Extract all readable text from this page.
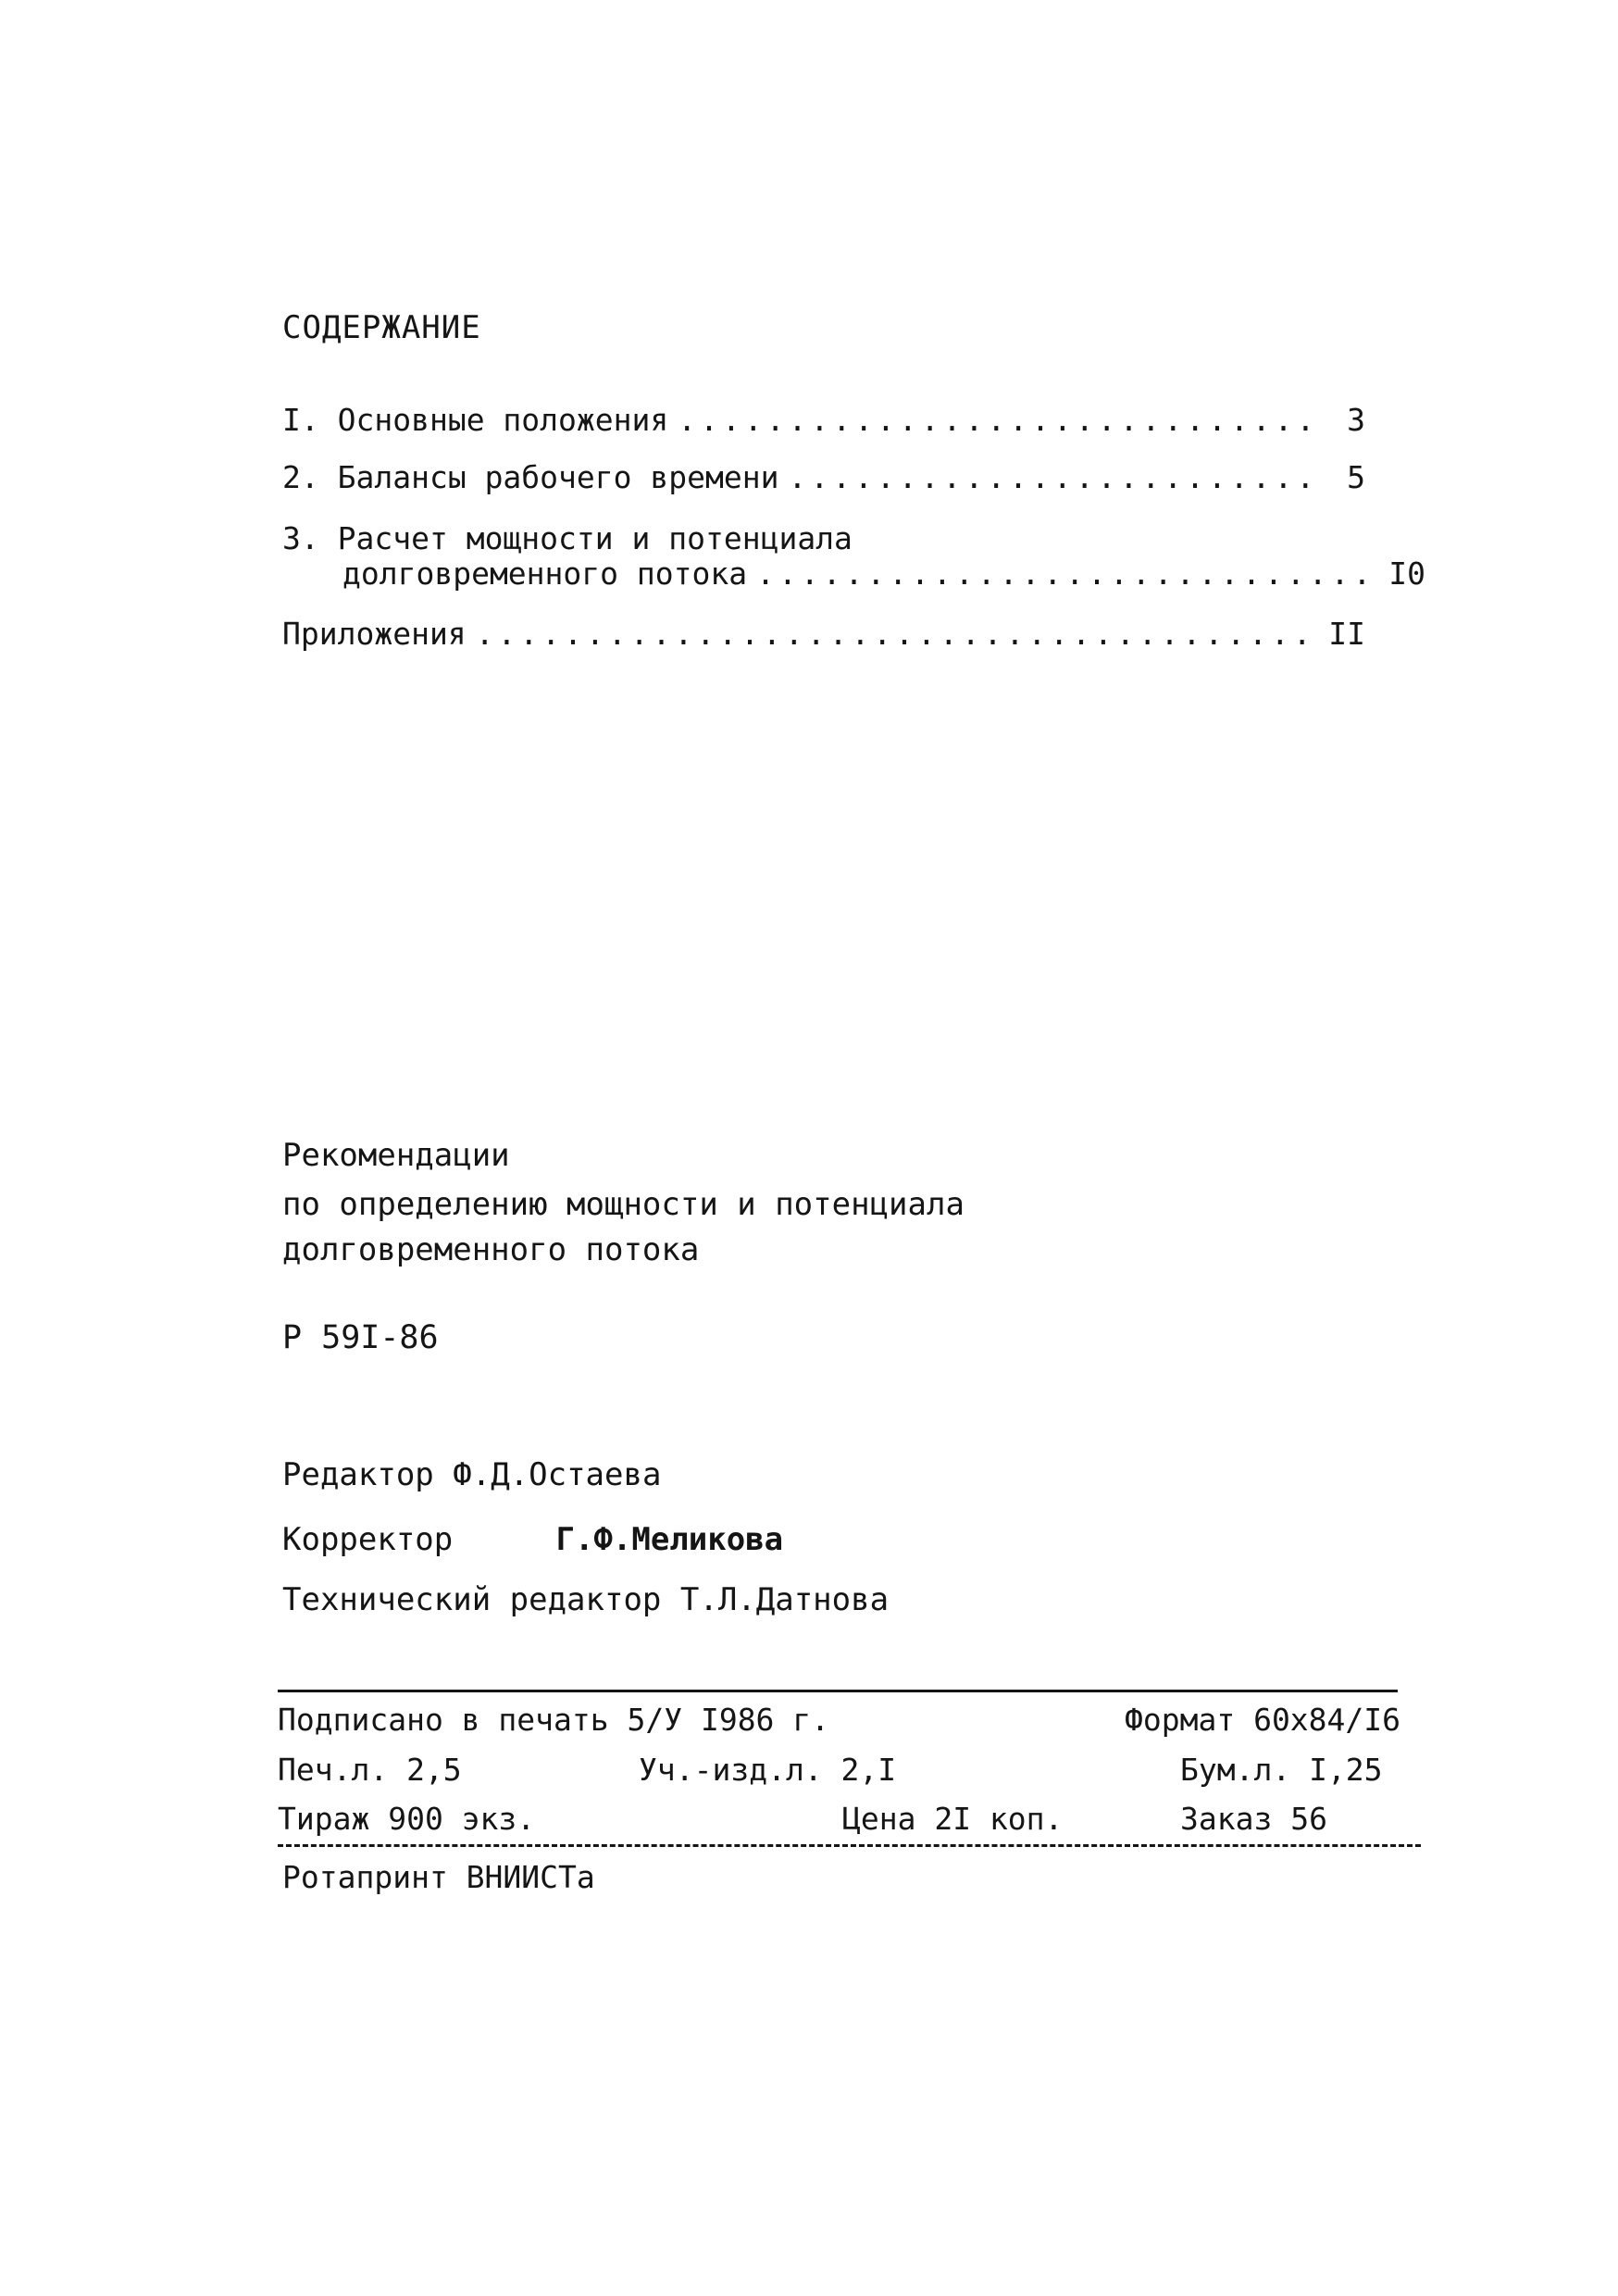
СОДЕРЖАНИЕ
I. Основные положения .....	3
2. Балансы рабочего времени .....	5
3. Расчет мощности и потенциала
долговременного потока .....	I0
Приложения .....	II
Рекомендации
по определению мощности и потенциала
долговременного потока
Р 59I-86
Редактор Ф.Д.Остаева
Корректор	Г.Ф.Меликова
Технический редактор Т.Л.Датнова
Подписано в печать 5/У I986 г.	Формат 60х84/I6
Печ.л. 2,5	Уч.-изд.л. 2,I	Бум.л. I,25
Тираж 900 экз.	Цена 2I коп.	Заказ 56
Ротапринт ВНИИСТа
